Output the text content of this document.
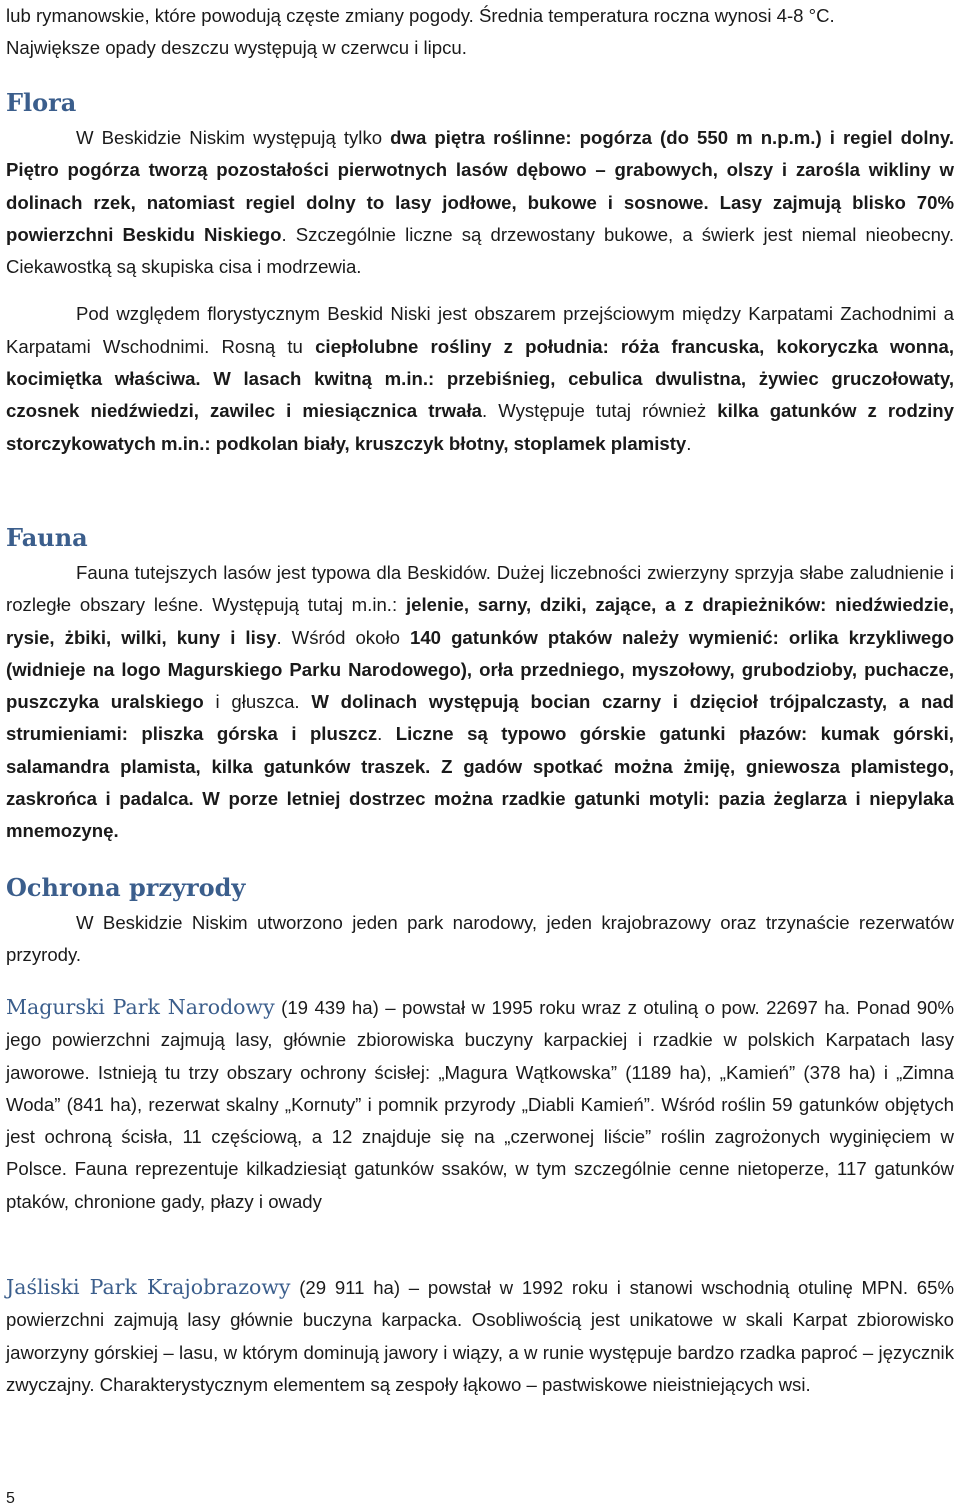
lub rymanowskie, które powodują częste zmiany pogody. Średnia temperatura roczna wynosi 4-8 °C.

Największe opady deszczu występują w czerwcu i lipcu.

Flora

W Beskidzie Niskim występują tylko dwa piętra roślinne: pogórza (do 550 m n.p.m.) i regiel dolny. Piętro pogórza tworzą pozostałości pierwotnych lasów dębowo – grabowych, olszy i zarośla wikliny w dolinach rzek, natomiast regiel dolny to lasy jodłowe, bukowe i sosnowe. Lasy zajmują blisko 70% powierzchni Beskidu Niskiego. Szczególnie liczne są drzewostany bukowe, a świerk jest niemal nieobecny. Ciekawostką są skupiska cisa i modrzewia.

Pod względem florystycznym Beskid Niski jest obszarem przejściowym między Karpatami Zachodnimi a Karpatami Wschodnimi. Rosną tu ciepłolubne rośliny z południa: róża francuska, kokoryczka wonna, kocimiętka właściwa. W lasach kwitną m.in.: przebiśnieg, cebulica dwulistna, żywiec gruczołowaty, czosnek niedźwiedzi, zawilec i miesiącznica trwała. Występuje tutaj również kilka gatunków z rodziny storczykowatych m.in.: podkolan biały, kruszczyk błotny, stoplamek plamisty.

Fauna

Fauna tutejszych lasów jest typowa dla Beskidów. Dużej liczebności zwierzyny sprzyja słabe zaludnienie i rozległe obszary leśne. Występują tutaj m.in.: jelenie, sarny, dziki, zające, a z drapieżników: niedźwiedzie, rysie, żbiki, wilki, kuny i lisy. Wśród około 140 gatunków ptaków należy wymienić: orlika krzykliwego (widnieje na logo Magurskiego Parku Narodowego), orła przedniego, myszołowy, grubodzioby, puchacze, puszczyka uralskiego i głuszca. W dolinach występują bocian czarny i dzięcioł trójpalczasty, a nad strumieniami: pliszka górska i pluszcz. Liczne są typowo górskie gatunki płazów: kumak górski, salamandra plamista, kilka gatunków traszek. Z gadów spotkać można żmiję, gniewosza plamistego, zaskrońca i padalca. W porze letniej dostrzec można rzadkie gatunki motyli: pazia żeglarza i niepylaka mnemozynę.

Ochrona przyrody

W Beskidzie Niskim utworzono jeden park narodowy, jeden krajobrazowy oraz trzynaście rezerwatów przyrody.

Magurski Park Narodowy (19 439 ha) – powstał w 1995 roku wraz z otuliną o pow. 22697 ha. Ponad 90% jego powierzchni zajmują lasy, głównie zbiorowiska buczyny karpackiej i rzadkie w polskich Karpatach lasy jaworowe. Istnieją tu trzy obszary ochrony ścisłej: „Magura Wątkowska” (1189 ha), „Kamień” (378 ha) i „Zimna Woda” (841 ha), rezerwat skalny „Kornuty” i pomnik przyrody „Diabli Kamień”. Wśród roślin 59 gatunków objętych jest ochroną ścisła, 11 częściową, a 12 znajduje się na „czerwonej liście” roślin zagrożonych wyginięciem w Polsce. Fauna reprezentuje kilkadziesiąt gatunków ssaków, w tym szczególnie cenne nietoperze, 117 gatunków ptaków, chronione gady, płazy i owady

Jaśliski Park Krajobrazowy (29 911 ha) – powstał w 1992 roku i stanowi wschodnią otulinę MPN. 65% powierzchni zajmują lasy głównie buczyna karpacka. Osobliwością jest unikatowe w skali Karpat zbiorowisko jaworzyny górskiej – lasu, w którym dominują jawory i wiązy, a w runie występuje bardzo rzadka paproć – języcznik zwyczajny. Charakterystycznym elementem są zespoły łąkowo – pastwiskowe nieistniejących wsi.

5
